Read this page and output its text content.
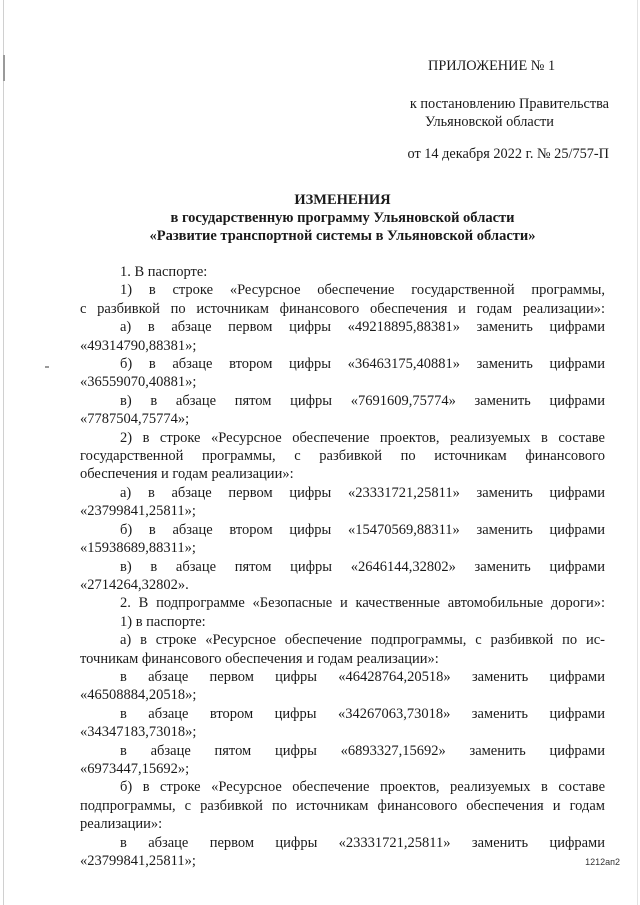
ПРИЛОЖЕНИЕ № 1
к постановлению Правительства
Ульяновской области
от 14 декабря 2022 г. № 25/757-П
ИЗМЕНЕНИЯ
в государственную программу Ульяновской области
«Развитие транспортной системы в Ульяновской области»
1. В паспорте:
1) в строке «Ресурсное обеспечение государственной программы,
с разбивкой по источникам финансового обеспечения и годам реализации»:
а) в абзаце первом цифры «49218895,88381» заменить цифрами
«49314790,88381»;
б) в абзаце втором цифры «36463175,40881» заменить цифрами
«36559070,40881»;
в) в абзаце пятом цифры «7691609,75774» заменить цифрами
«7787504,75774»;
2) в строке «Ресурсное обеспечение проектов, реализуемых в составе
государственной программы, с разбивкой по источникам финансового
обеспечения и годам реализации»:
а) в абзаце первом цифры «23331721,25811» заменить цифрами
«23799841,25811»;
б) в абзаце втором цифры «15470569,88311» заменить цифрами
«15938689,88311»;
в) в абзаце пятом цифры «2646144,32802» заменить цифрами
«2714264,32802».
2. В подпрограмме «Безопасные и качественные автомобильные дороги»:
1) в паспорте:
а) в строке «Ресурсное обеспечение подпрограммы, с разбивкой по ис-
точникам финансового обеспечения и годам реализации»:
в абзаце первом цифры «46428764,20518» заменить цифрами
«46508884,20518»;
в абзаце втором цифры «34267063,73018» заменить цифрами
«34347183,73018»;
в абзаце пятом цифры «6893327,15692» заменить цифрами
«6973447,15692»;
б) в строке «Ресурсное обеспечение проектов, реализуемых в составе
подпрограммы, с разбивкой по источникам финансового обеспечения и годам
реализации»:
в абзаце первом цифры «23331721,25811» заменить цифрами
«23799841,25811»;	1212ап2
